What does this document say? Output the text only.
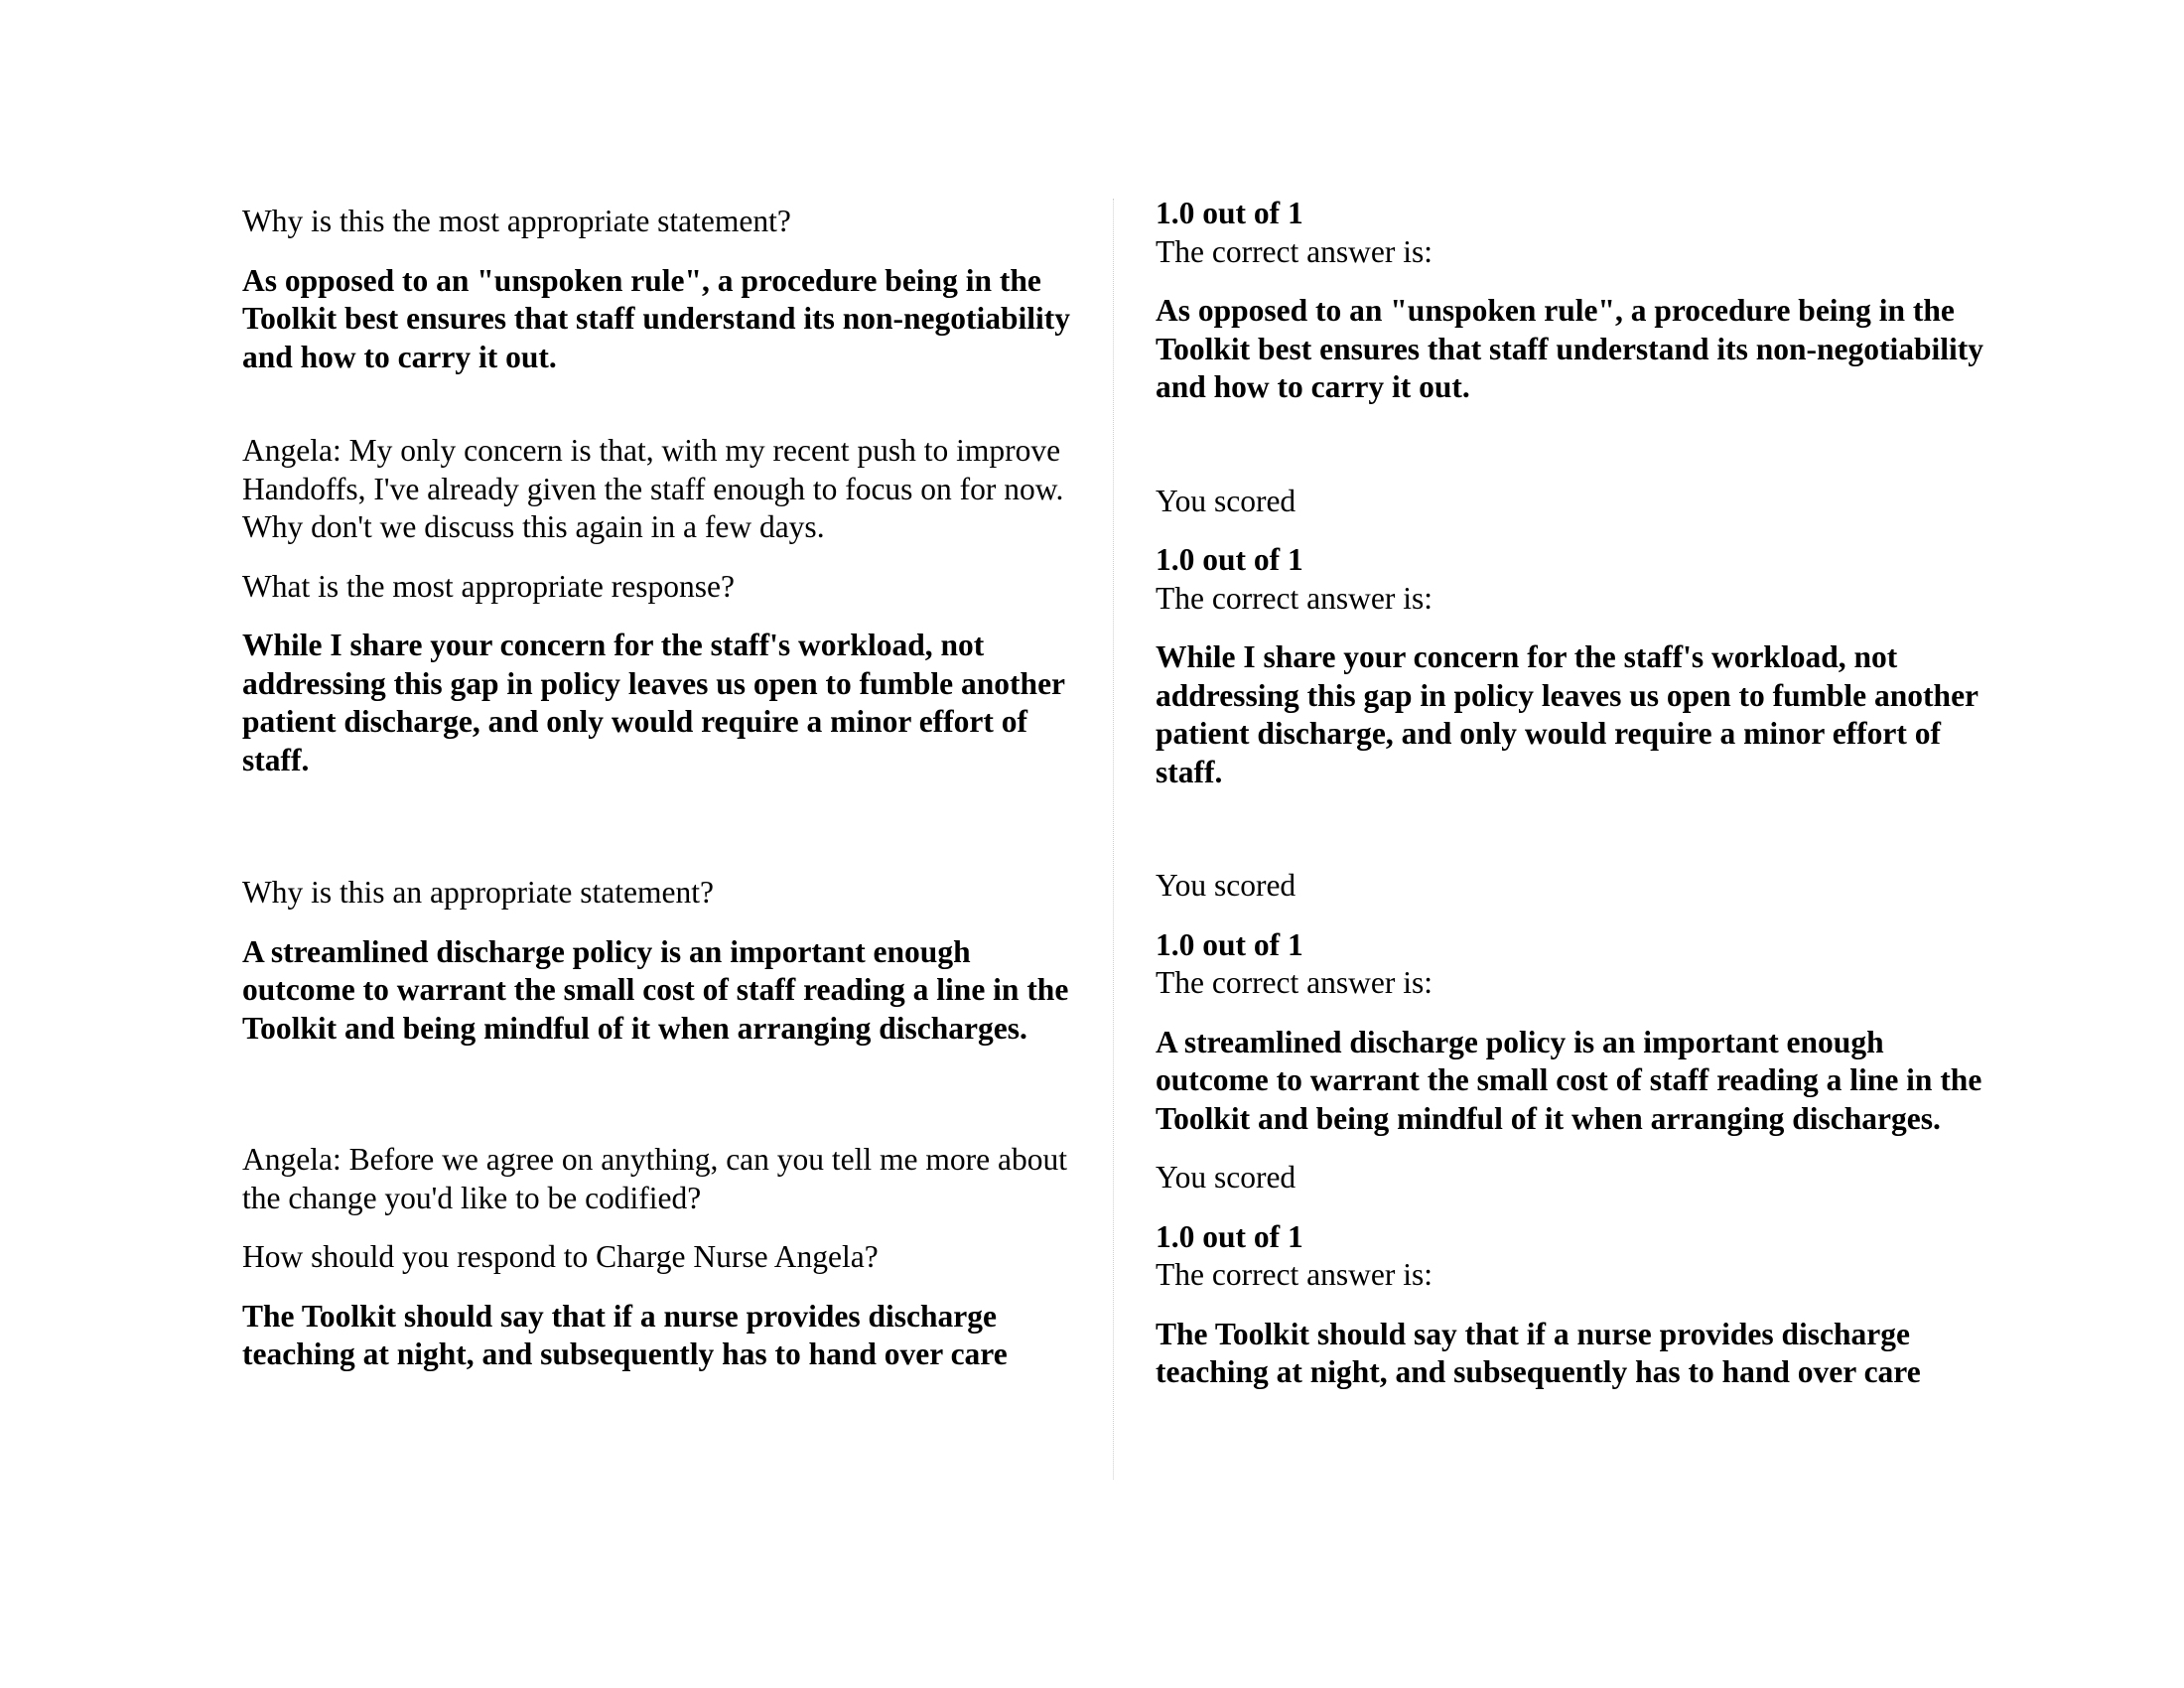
Why is this the most appropriate statement?

As opposed to an "unspoken rule", a procedure being in the Toolkit best ensures that staff understand its non-negotiability and how to carry it out.

Angela: My only concern is that, with my recent push to improve Handoffs, I've already given the staff enough to focus on for now. Why don't we discuss this again in a few days.

What is the most appropriate response?

While I share your concern for the staff's workload, not addressing this gap in policy leaves us open to fumble another patient discharge, and only would require a minor effort of staff.

Why is this an appropriate statement?

A streamlined discharge policy is an important enough outcome to warrant the small cost of staff reading a line in the Toolkit and being mindful of it when arranging discharges.

Angela: Before we agree on anything, can you tell me more about the change you'd like to be codified?

How should you respond to Charge Nurse Angela?

The Toolkit should say that if a nurse provides discharge teaching at night, and subsequently has to hand over care

1.0 out of 1

The correct answer is:

As opposed to an "unspoken rule", a procedure being in the Toolkit best ensures that staff understand its non-negotiability and how to carry it out.

You scored

1.0 out of 1

The correct answer is:

While I share your concern for the staff's workload, not addressing this gap in policy leaves us open to fumble another patient discharge, and only would require a minor effort of staff.

You scored

1.0 out of 1

The correct answer is:

A streamlined discharge policy is an important enough outcome to warrant the small cost of staff reading a line in the Toolkit and being mindful of it when arranging discharges.

You scored

1.0 out of 1

The correct answer is:

The Toolkit should say that if a nurse provides discharge teaching at night, and subsequently has to hand over care
